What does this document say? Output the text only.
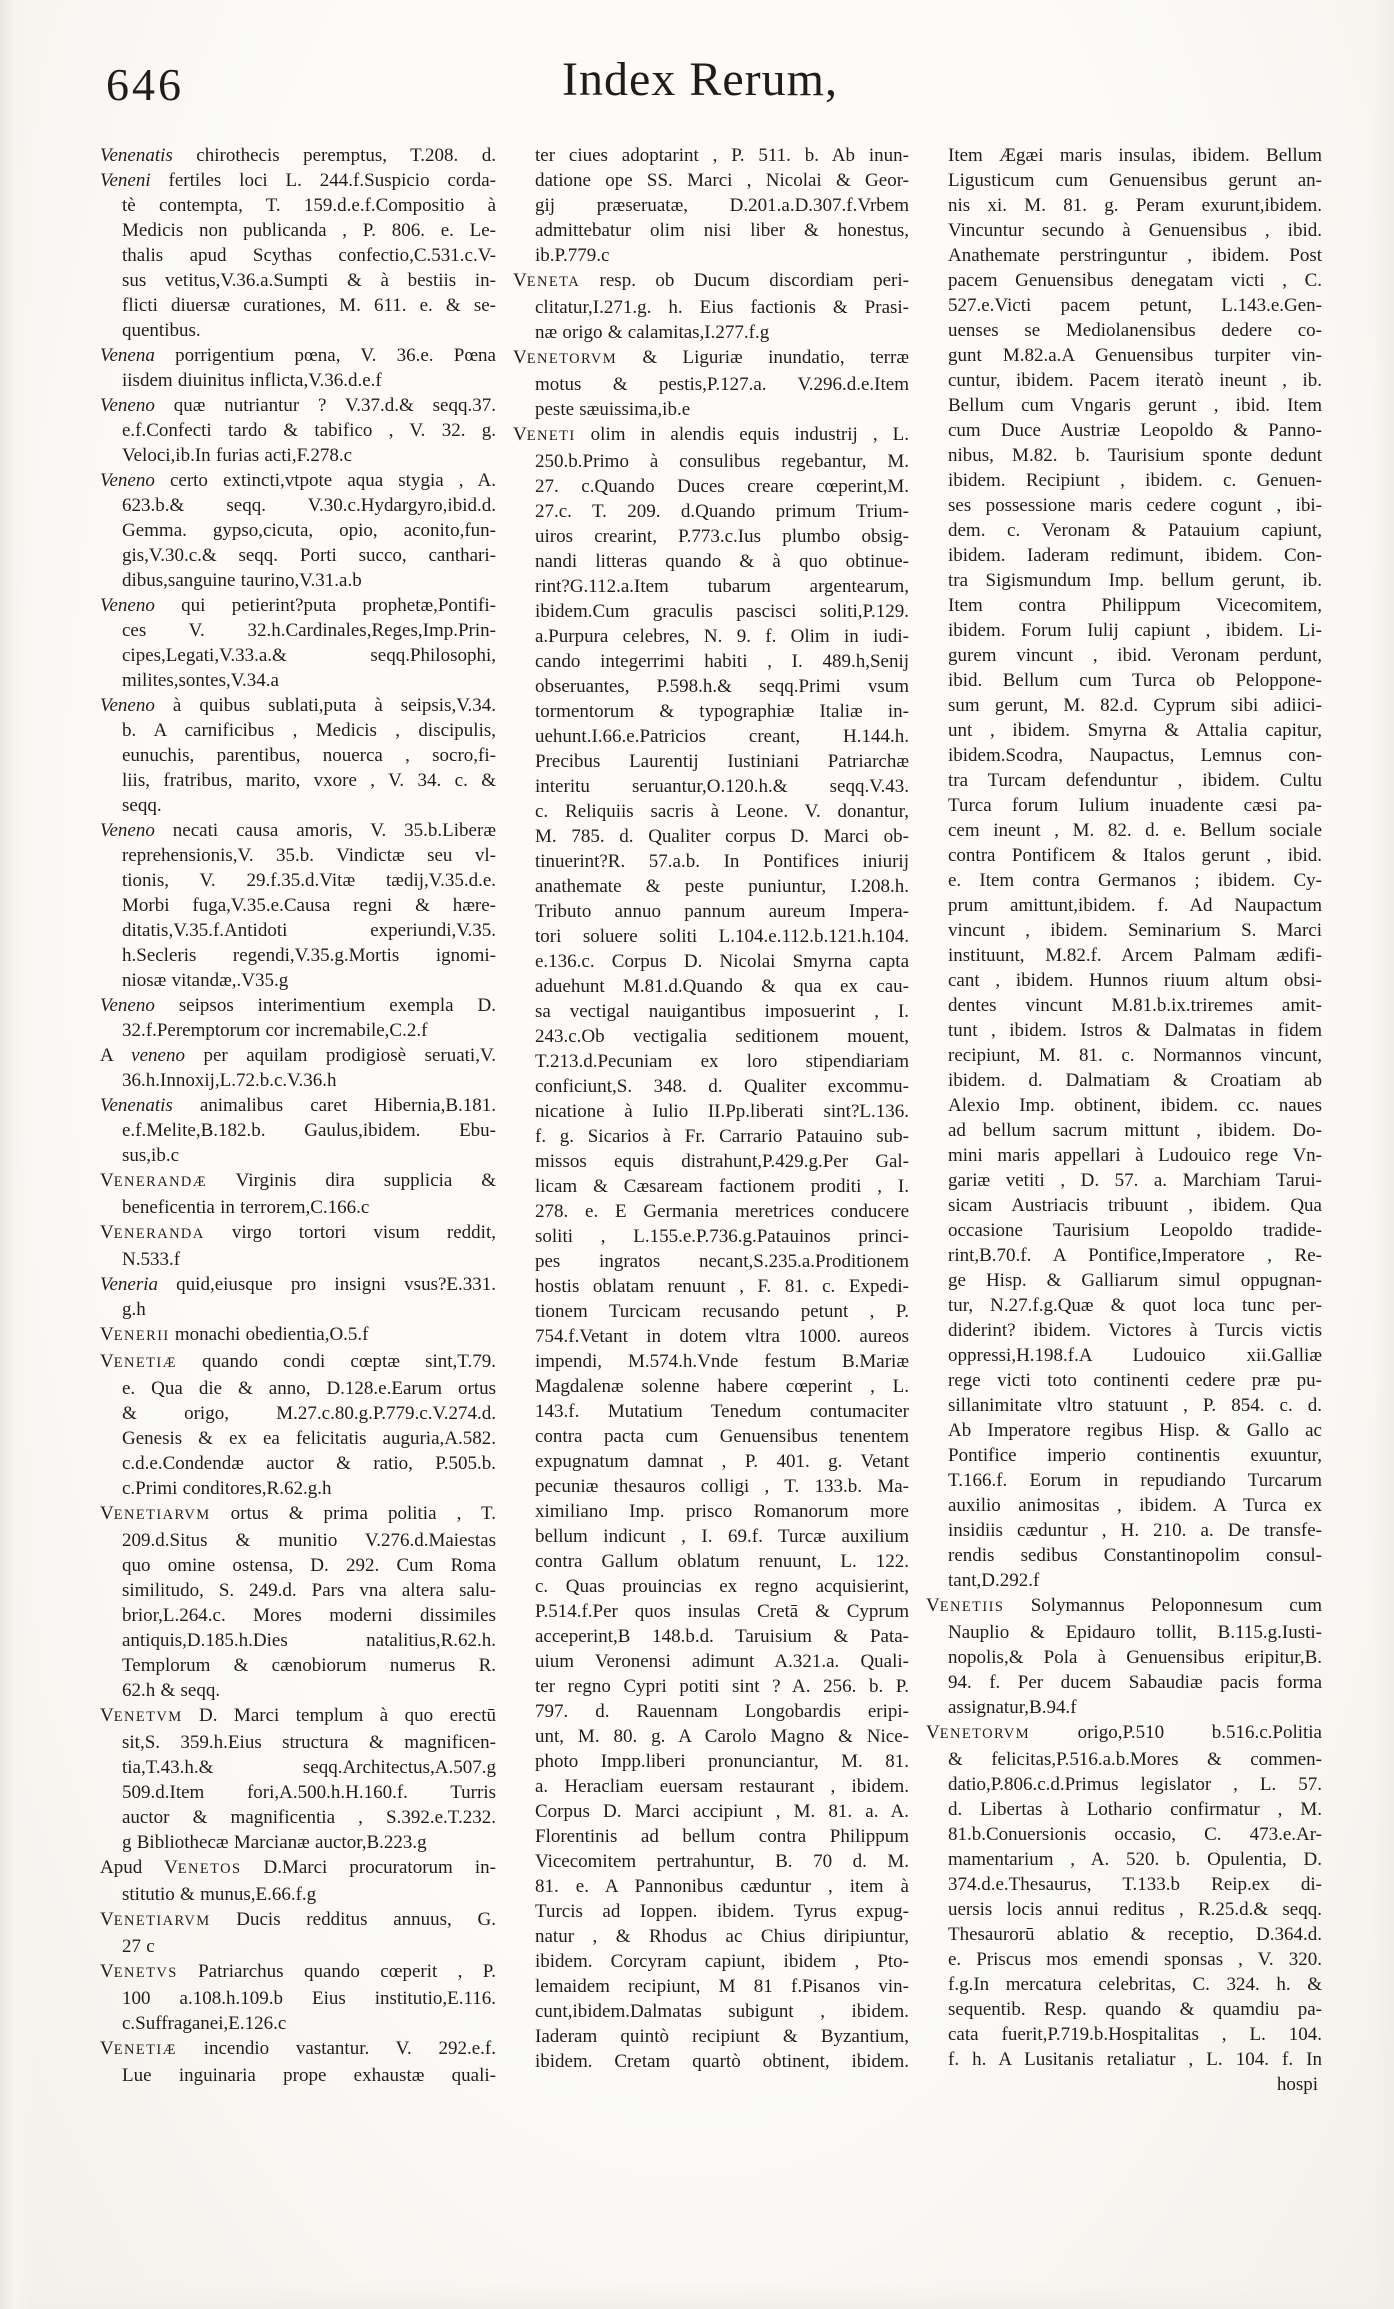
646	Index Rerum,
Venenatis chirothecis peremptus, T.208. d.
Veneni fertiles loci L. 244.f.Suspicio corda-
tè contempta, T. 159.d.e.f.Compositio à
Medicis non publicanda , P. 806. e. Le-
thalis apud Scythas confectio,C.531.c.V-
sus vetitus,V.36.a.Sumpti & à bestiis in-
flicti diuersæ curationes, M. 611. e. & se-
quentibus.
Venena porrigentium pœna, V. 36.e. Pœna
iisdem diuinitus inflicta,V.36.d.e.f
Veneno quæ nutriantur ? V.37.d.& seqq.37.
e.f.Confecti tardo & tabifico , V. 32. g.
Veloci,ib.In furias acti,F.278.c
Veneno certo extincti,vtpote aqua stygia , A.
623.b.& seqq. V.30.c.Hydargyro,ibid.d.
Gemma. gypso,cicuta, opio, aconito,fun-
gis,V.30.c.& seqq. Porti succo, canthari-
dibus,sanguine taurino,V.31.a.b
Veneno qui petierint?puta prophetæ,Pontifi-
ces V. 32.h.Cardinales,Reges,Imp.Prin-
cipes,Legati,V.33.a.& seqq.Philosophi,
milites,sontes,V.34.a
Veneno à quibus sublati,puta à seipsis,V.34.
b. A carnificibus , Medicis , discipulis,
eunuchis, parentibus, nouerca , socro,fi-
liis, fratribus, marito, vxore , V. 34. c. &
seqq.
Veneno necati causa amoris, V. 35.b.Liberæ
reprehensionis,V. 35.b. Vindictæ seu vl-
tionis, V. 29.f.35.d.Vitæ tædij,V.35.d.e.
Morbi fuga,V.35.e.Causa regni & hære-
ditatis,V.35.f.Antidoti experiundi,V.35.
h.Secleris regendi,V.35.g.Mortis ignomi-
niosæ vitandæ,.V35.g
Veneno seipsos interimentium exempla D.
32.f.Peremptorum cor incremabile,C.2.f
A veneno per aquilam prodigiosè seruati,V.
36.h.Innoxij,L.72.b.c.V.36.h
Venenatis animalibus caret Hibernia,B.181.
e.f.Melite,B.182.b. Gaulus,ibidem. Ebu-
sus,ib.c
VENERANDÆ Virginis dira supplicia &
beneficentia in terrorem,C.166.c
VENERANDA virgo tortori visum reddit,
N.533.f
Veneria quid,eiusque pro insigni vsus?E.331.
g.h
VENERII monachi obedientia,O.5.f
VENETIÆ quando condi cœptæ sint,T.79.
e. Qua die & anno, D.128.e.Earum ortus
& origo, M.27.c.80.g.P.779.c.V.274.d.
Genesis & ex ea felicitatis auguria,A.582.
c.d.e.Condendæ auctor & ratio, P.505.b.
c.Primi conditores,R.62.g.h
VENETIARVM ortus & prima politia , T.
209.d.Situs & munitio V.276.d.Maiestas
quo omine ostensa, D. 292. Cum Roma
similitudo, S. 249.d. Pars vna altera salu-
brior,L.264.c. Mores moderni dissimiles
antiquis,D.185.h.Dies natalitius,R.62.h.
Templorum & cænobiorum numerus R.
62.h & seqq.
VENETVM D. Marci templum à quo erectū
sit,S. 359.h.Eius structura & magnificen-
tia,T.43.h.& seqq.Architectus,A.507.g
509.d.Item fori,A.500.h.H.160.f. Turris
auctor & magnificentia , S.392.e.T.232.
g Bibliothecæ Marcianæ auctor,B.223.g
Apud VENETOS D.Marci procuratorum in-
stitutio & munus,E.66.f.g
VENETIARVM Ducis redditus annuus, G.
27 c
VENETVS Patriarchus quando cœperit , P.
100 a.108.h.109.b Eius institutio,E.116.
c.Suffraganei,E.126.c
VENETIÆ incendio vastantur. V. 292.e.f.
Lue inguinaria prope exhaustæ quali-
ter ciues adoptarint , P. 511. b. Ab inun-
datione ope SS. Marci , Nicolai & Geor-
gij præseruatæ, D.201.a.D.307.f.Vrbem
admittebatur olim nisi liber & honestus,
ib.P.779.c
VENETA resp. ob Ducum discordiam peri-
clitatur,I.271.g. h. Eius factionis & Prasi-
næ origo & calamitas,I.277.f.g
VENETORVM & Liguriæ inundatio, terræ
motus & pestis,P.127.a. V.296.d.e.Item
peste sæuissima,ib.e
VENETI olim in alendis equis industrij , L.
250.b.Primo à consulibus regebantur, M.
27. c.Quando Duces creare cœperint,M.
27.c. T. 209. d.Quando primum Trium-
uiros crearint, P.773.c.Ius plumbo obsig-
nandi litteras quando & à quo obtinue-
rint?G.112.a.Item tubarum argentearum,
ibidem.Cum graculis pascisci soliti,P.129.
a.Purpura celebres, N. 9. f. Olim in iudi-
cando integerrimi habiti , I. 489.h,Senij
obseruantes, P.598.h.& seqq.Primi vsum
tormentorum & typographiæ Italiæ in-
uehunt.I.66.e.Patricios creant, H.144.h.
Precibus Laurentij Iustiniani Patriarchæ
interitu seruantur,O.120.h.& seqq.V.43.
c. Reliquiis sacris à Leone. V. donantur,
M. 785. d. Qualiter corpus D. Marci ob-
tinuerint?R. 57.a.b. In Pontifices iniurij
anathemate & peste puniuntur, I.208.h.
Tributo annuo pannum aureum Impera-
tori soluere soliti L.104.e.112.b.121.h.104.
e.136.c. Corpus D. Nicolai Smyrna capta
aduehunt M.81.d.Quando & qua ex cau-
sa vectigal nauigantibus imposuerint , I.
243.c.Ob vectigalia seditionem mouent,
T.213.d.Pecuniam ex loro stipendiariam
conficiunt,S. 348. d. Qualiter excommu-
nicatione à Iulio II.Pp.liberati sint?L.136.
f. g. Sicarios à Fr. Carrario Patauino sub-
missos equis distrahunt,P.429.g.Per Gal-
licam & Cæsaream factionem proditi , I.
278. e. E Germania meretrices conducere
soliti , L.155.e.P.736.g.Patauinos princi-
pes ingratos necant,S.235.a.Proditionem
hostis oblatam renuunt , F. 81. c. Expedi-
tionem Turcicam recusando petunt , P.
754.f.Vetant in dotem vltra 1000. aureos
impendi, M.574.h.Vnde festum B.Mariæ
Magdalenæ solenne habere cœperint , L.
143.f. Mutatium Tenedum contumaciter
contra pacta cum Genuensibus tenentem
expugnatum damnat , P. 401. g. Vetant
pecuniæ thesauros colligi , T. 133.b. Ma-
ximiliano Imp. prisco Romanorum more
bellum indicunt , I. 69.f. Turcæ auxilium
contra Gallum oblatum renuunt, L. 122.
c. Quas prouincias ex regno acquisierint,
P.514.f.Per quos insulas Cretā & Cyprum
acceperint,B 148.b.d. Taruisium & Pata-
uium Veronensi adimunt A.321.a. Quali-
ter regno Cypri potiti sint ? A. 256. b. P.
797. d. Rauennam Longobardis eripi-
unt, M. 80. g. A Carolo Magno & Nice-
photo Impp.liberi pronunciantur, M. 81.
a. Heracliam euersam restaurant , ibidem.
Corpus D. Marci accipiunt , M. 81. a. A.
Florentinis ad bellum contra Philippum
Vicecomitem pertrahuntur, B. 70 d. M.
81. e. A Pannonibus cæduntur , item à
Turcis ad Ioppen. ibidem. Tyrus expug-
natur , & Rhodus ac Chius diripiuntur,
ibidem. Corcyram capiunt, ibidem , Pto-
lemaidem recipiunt, M 81 f.Pisanos vin-
cunt,ibidem.Dalmatas subigunt , ibidem.
Iaderam quintò recipiunt & Byzantium,
ibidem. Cretam quartò obtinent, ibidem.
Item Ægæi maris insulas, ibidem. Bellum
Ligusticum cum Genuensibus gerunt an-
nis xi. M. 81. g. Peram exurunt,ibidem.
Vincuntur secundo à Genuensibus , ibid.
Anathemate perstringuntur , ibidem. Post
pacem Genuensibus denegatam victi , C.
527.e.Victi pacem petunt, L.143.e.Gen-
uenses se Mediolanensibus dedere co-
gunt M.82.a.A Genuensibus turpiter vin-
cuntur, ibidem. Pacem iteratò ineunt , ib.
Bellum cum Vngaris gerunt , ibid. Item
cum Duce Austriæ Leopoldo & Panno-
nibus, M.82. b. Taurisium sponte dedunt
ibidem. Recipiunt , ibidem. c. Genuen-
ses possessione maris cedere cogunt , ibi-
dem. c. Veronam & Patauium capiunt,
ibidem. Iaderam redimunt, ibidem. Con-
tra Sigismundum Imp. bellum gerunt, ib.
Item contra Philippum Vicecomitem,
ibidem. Forum Iulij capiunt , ibidem. Li-
gurem vincunt , ibid. Veronam perdunt,
ibid. Bellum cum Turca ob Peloppone-
sum gerunt, M. 82.d. Cyprum sibi adiici-
unt , ibidem. Smyrna & Attalia capitur,
ibidem.Scodra, Naupactus, Lemnus con-
tra Turcam defenduntur , ibidem. Cultu
Turca forum Iulium inuadente cæsi pa-
cem ineunt , M. 82. d. e. Bellum sociale
contra Pontificem & Italos gerunt , ibid.
e. Item contra Germanos ; ibidem. Cy-
prum amittunt,ibidem. f. Ad Naupactum
vincunt , ibidem. Seminarium S. Marci
instituunt, M.82.f. Arcem Palmam ædifi-
cant , ibidem. Hunnos riuum altum obsi-
dentes vincunt M.81.b.ix.triremes amit-
tunt , ibidem. Istros & Dalmatas in fidem
recipiunt, M. 81. c. Normannos vincunt,
ibidem. d. Dalmatiam & Croatiam ab
Alexio Imp. obtinent, ibidem. cc. naues
ad bellum sacrum mittunt , ibidem. Do-
mini maris appellari à Ludouico rege Vn-
gariæ vetiti , D. 57. a. Marchiam Tarui-
sicam Austriacis tribuunt , ibidem. Qua
occasione Taurisium Leopoldo tradide-
rint,B.70.f. A Pontifice,Imperatore , Re-
ge Hisp. & Galliarum simul oppugnan-
tur, N.27.f.g.Quæ & quot loca tunc per-
diderint? ibidem. Victores à Turcis victis
oppressi,H.198.f.A Ludouico xii.Galliæ
rege victi toto continenti cedere præ pu-
sillanimitate vltro statuunt , P. 854. c. d.
Ab Imperatore regibus Hisp. & Gallo ac
Pontifice imperio continentis exuuntur,
T.166.f. Eorum in repudiando Turcarum
auxilio animositas , ibidem. A Turca ex
insidiis cæduntur , H. 210. a. De transfe-
rendis sedibus Constantinopolim consul-
tant,D.292.f
VENETIIS Solymannus Peloponnesum cum
Nauplio & Epidauro tollit, B.115.g.Iusti-
nopolis,& Pola à Genuensibus eripitur,B.
94. f. Per ducem Sabaudiæ pacis forma
assignatur,B.94.f
VENETORVM origo,P.510 b.516.c.Politia
& felicitas,P.516.a.b.Mores & commen-
datio,P.806.c.d.Primus legislator , L. 57.
d. Libertas à Lothario confirmatur , M.
81.b.Conuersionis occasio, C. 473.e.Ar-
mamentarium , A. 520. b. Opulentia, D.
374.d.e.Thesaurus, T.133.b Reip.ex di-
uersis locis annui reditus , R.25.d.& seqq.
Thesaurorū ablatio & receptio, D.364.d.
e. Priscus mos emendi sponsas , V. 320.
f.g.In mercatura celebritas, C. 324. h. &
sequentib. Resp. quando & quamdiu pa-
cata fuerit,P.719.b.Hospitalitas , L. 104.
f. h. A Lusitanis retaliatur , L. 104. f. In
hospi
